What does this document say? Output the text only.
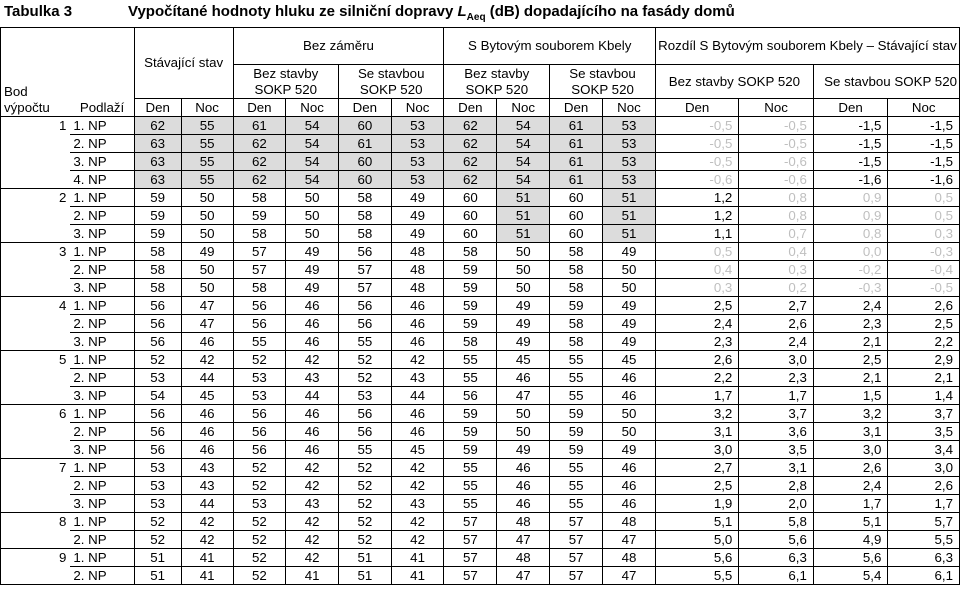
Tabulka 3	Vypočítané hodnoty hluku ze silniční dopravy $L_{Aeq}$ (dB) dopadajícího na fasády domů
Bod výpočtu	Podlaží	Stávající stav		Bez záměru				S Bytovým souborem Kbely				Rozdíl S Bytovým souborem Kbely – Stávající stav			
				Bez stavby SOKP 520		Se stavbou SOKP 520		Bez stavby SOKP 520		Se stavbou SOKP 520		Bez stavby SOKP 520		Se stavbou SOKP 520	
		Den	Noc	Den	Noc	Den	Noc	Den	Noc	Den	Noc	Den	Noc	Den	Noc
1	1. NP	62	55	61	54	60	53	62	54	61	53	-0,5	-0,5	-1,5	-1,5
	2. NP	63	55	62	54	61	53	62	54	61	53	-0,5	-0,5	-1,5	-1,5
	3. NP	63	55	62	54	60	53	62	54	61	53	-0,5	-0,6	-1,5	-1,5
	4. NP	63	55	62	54	60	53	62	54	61	53	-0,6	-0,6	-1,6	-1,6
2	1. NP	59	50	58	50	58	49	60	51	60	51	1,2	0,8	0,9	0,5
	2. NP	59	50	59	50	58	49	60	51	60	51	1,2	0,8	0,9	0,5
	3. NP	59	50	58	50	58	49	60	51	60	51	1,1	0,7	0,8	0,3
3	1. NP	58	49	57	49	56	48	58	50	58	49	0,5	0,4	0,0	-0,3
	2. NP	58	50	57	49	57	48	59	50	58	50	0,4	0,3	-0,2	-0,4
	3. NP	58	50	58	49	57	48	59	50	58	50	0,3	0,2	-0,3	-0,5
4	1. NP	56	47	56	46	56	46	59	49	59	49	2,5	2,7	2,4	2,6
	2. NP	56	47	56	46	56	46	59	49	58	49	2,4	2,6	2,3	2,5
	3. NP	56	46	55	46	55	46	58	49	58	49	2,3	2,4	2,1	2,2
5	1. NP	52	42	52	42	52	42	55	45	55	45	2,6	3,0	2,5	2,9
	2. NP	53	44	53	43	52	43	55	46	55	46	2,2	2,3	2,1	2,1
	3. NP	54	45	53	44	53	44	56	47	55	46	1,7	1,7	1,5	1,4
6	1. NP	56	46	56	46	56	46	59	50	59	50	3,2	3,7	3,2	3,7
	2. NP	56	46	56	46	56	46	59	50	59	50	3,1	3,6	3,1	3,5
	3. NP	56	46	56	46	55	45	59	49	59	49	3,0	3,5	3,0	3,4
7	1. NP	53	43	52	42	52	42	55	46	55	46	2,7	3,1	2,6	3,0
	2. NP	53	43	52	42	52	42	55	46	55	46	2,5	2,8	2,4	2,6
	3. NP	53	44	53	43	52	43	55	46	55	46	1,9	2,0	1,7	1,7
8	1. NP	52	42	52	42	52	42	57	48	57	48	5,1	5,8	5,1	5,7
	2. NP	52	42	52	42	52	42	57	47	57	47	5,0	5,6	4,9	5,5
9	1. NP	51	41	52	42	51	41	57	48	57	48	5,6	6,3	5,6	6,3
	2. NP	51	41	52	41	51	41	57	47	57	47	5,5	6,1	5,4	6,1
